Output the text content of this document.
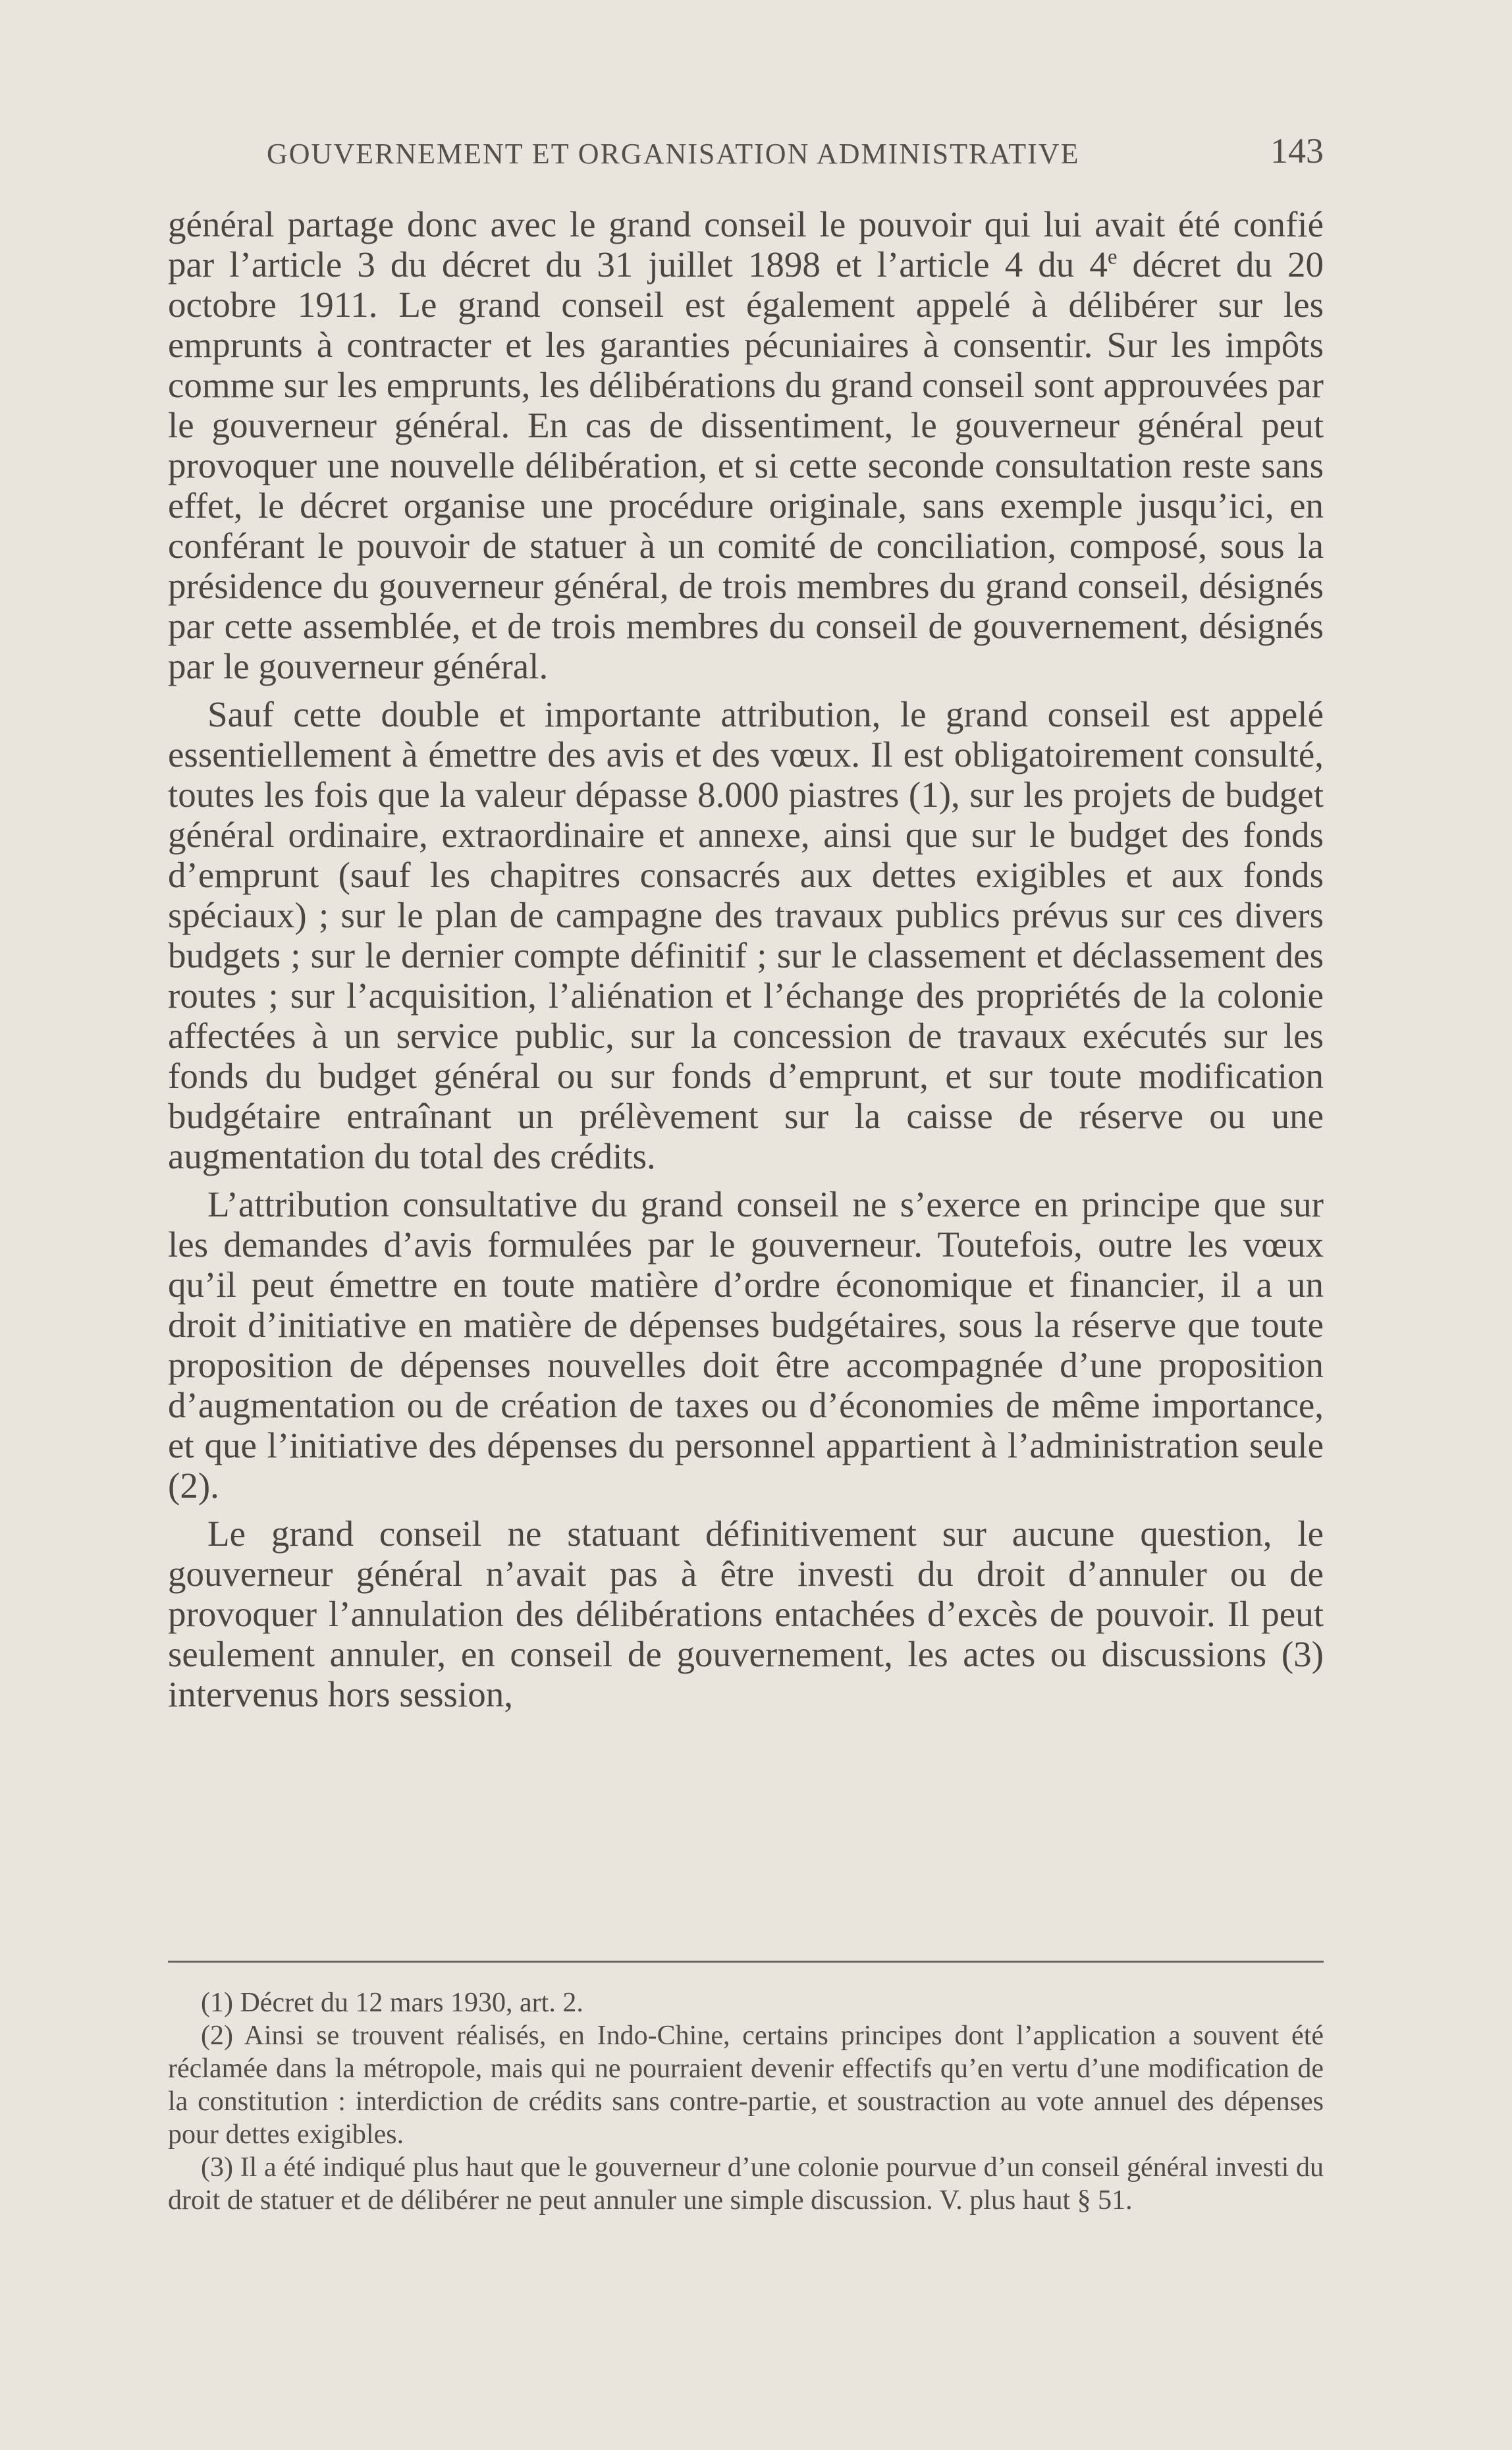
GOUVERNEMENT ET ORGANISATION ADMINISTRATIVE	143

général partage donc avec le grand conseil le pouvoir qui lui avait été confié par l’article 3 du décret du 31 juillet 1898 et l’article 4 du 4e décret du 20 octobre 1911. Le grand conseil est également appelé à délibérer sur les emprunts à contracter et les garanties pécuniaires à consentir. Sur les impôts comme sur les emprunts, les délibérations du grand conseil sont approuvées par le gouverneur général. En cas de dissentiment, le gouverneur général peut provoquer une nouvelle délibération, et si cette seconde consultation reste sans effet, le décret organise une procédure originale, sans exemple jusqu’ici, en conférant le pouvoir de statuer à un comité de conciliation, composé, sous la présidence du gouverneur général, de trois membres du grand conseil, désignés par cette assemblée, et de trois membres du conseil de gouvernement, désignés par le gouverneur général.

Sauf cette double et importante attribution, le grand conseil est appelé essentiellement à émettre des avis et des vœux. Il est obligatoirement consulté, toutes les fois que la valeur dépasse 8.000 piastres (1), sur les projets de budget général ordinaire, extraordinaire et annexe, ainsi que sur le budget des fonds d’emprunt (sauf les chapitres consacrés aux dettes exigibles et aux fonds spéciaux) ; sur le plan de campagne des travaux publics prévus sur ces divers budgets ; sur le dernier compte définitif ; sur le classement et déclassement des routes ; sur l’acquisition, l’aliénation et l’échange des propriétés de la colonie affectées à un service public, sur la concession de travaux exécutés sur les fonds du budget général ou sur fonds d’emprunt, et sur toute modification budgétaire entraînant un prélèvement sur la caisse de réserve ou une augmentation du total des crédits.

L’attribution consultative du grand conseil ne s’exerce en principe que sur les demandes d’avis formulées par le gouverneur. Toutefois, outre les vœux qu’il peut émettre en toute matière d’ordre économique et financier, il a un droit d’initiative en matière de dépenses budgétaires, sous la réserve que toute proposition de dépenses nouvelles doit être accompagnée d’une proposition d’augmentation ou de création de taxes ou d’économies de même importance, et que l’initiative des dépenses du personnel appartient à l’administration seule (2).

Le grand conseil ne statuant définitivement sur aucune question, le gouverneur général n’avait pas à être investi du droit d’annuler ou de provoquer l’annulation des délibérations entachées d’excès de pouvoir. Il peut seulement annuler, en conseil de gouvernement, les actes ou discussions (3) intervenus hors session,

(1) Décret du 12 mars 1930, art. 2.

(2) Ainsi se trouvent réalisés, en Indo-Chine, certains principes dont l’application a souvent été réclamée dans la métropole, mais qui ne pourraient devenir effectifs qu’en vertu d’une modification de la constitution : interdiction de crédits sans contre-partie, et soustraction au vote annuel des dépenses pour dettes exigibles.

(3) Il a été indiqué plus haut que le gouverneur d’une colonie pourvue d’un conseil général investi du droit de statuer et de délibérer ne peut annuler une simple discussion. V. plus haut § 51.
